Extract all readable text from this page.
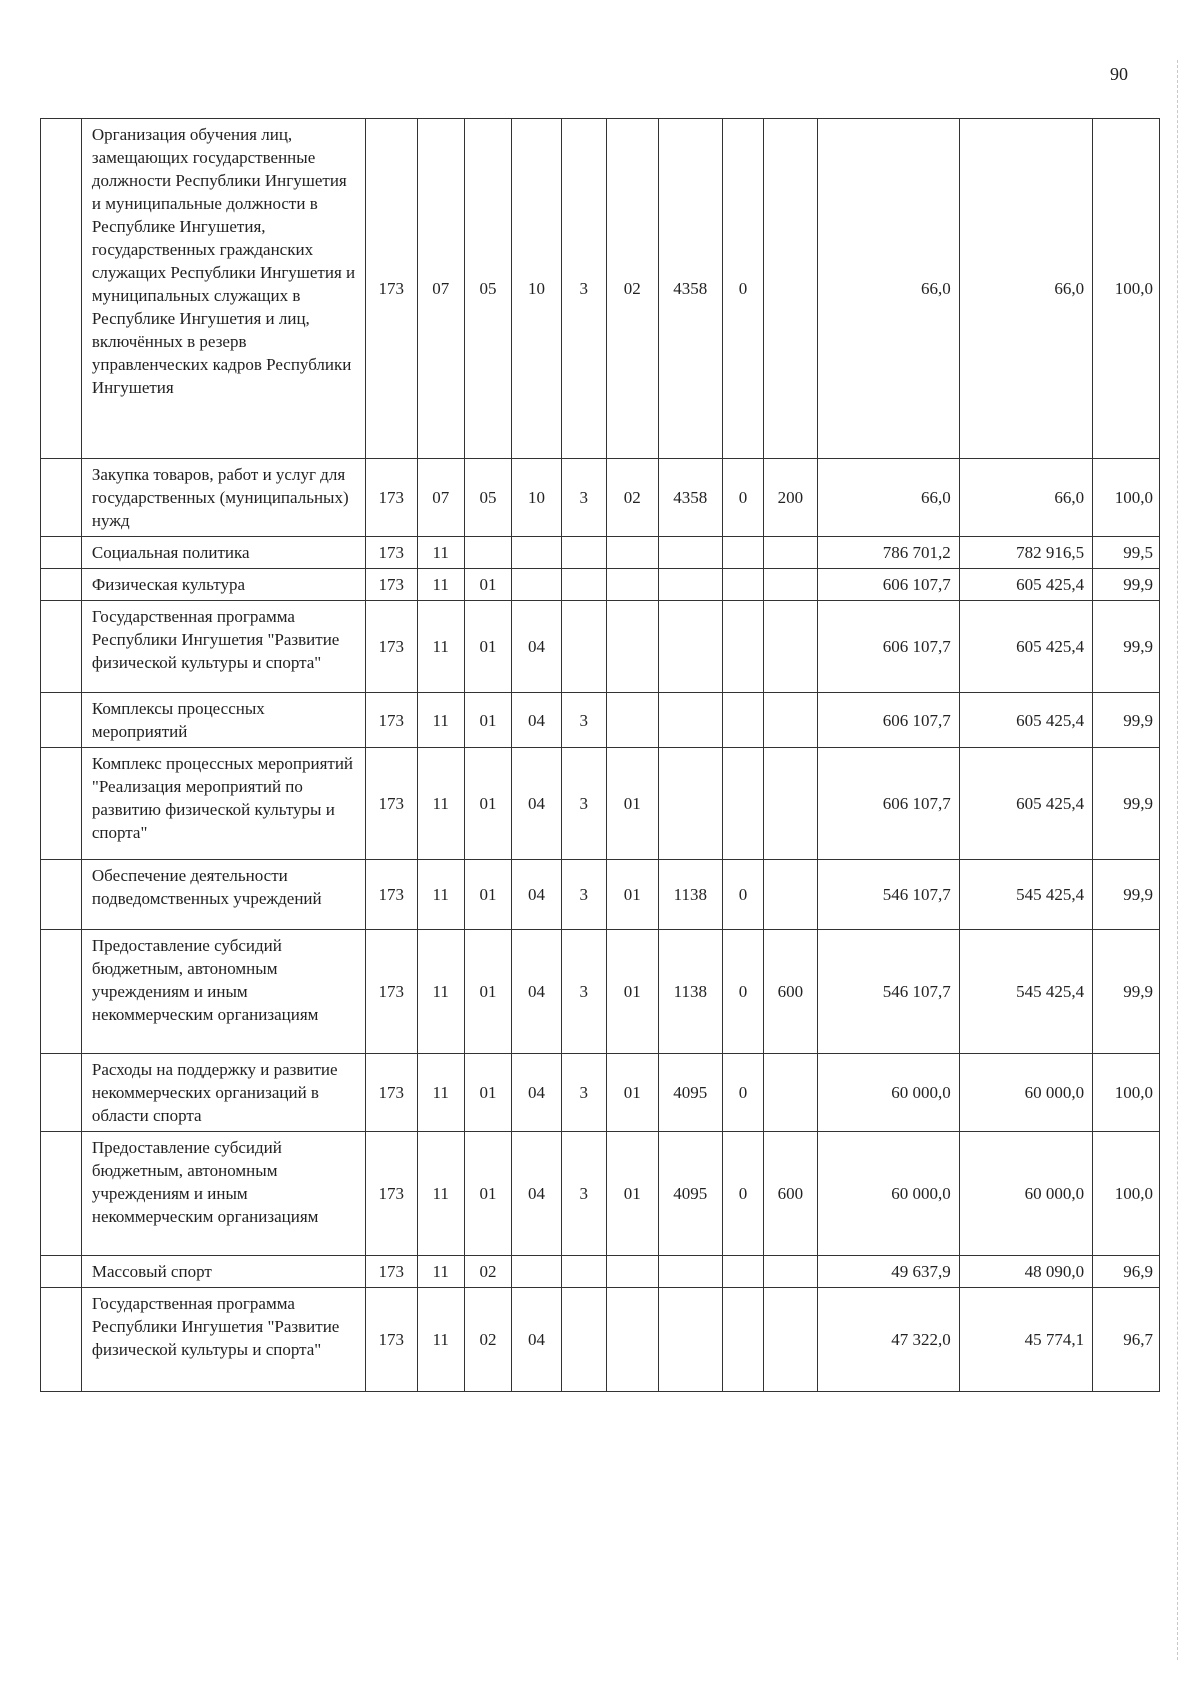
90
	Организация обучения лиц, замещающих государственные должности Республики Ингушетия и муниципальные должности в Республике Ингушетия, государственных гражданских служащих Республики Ингушетия и муниципальных служащих в Республике Ингушетия и лиц, включённых в резерв управленческих кадров Республики Ингушетия	173	07	05	10	3	02	4358	0		66,0	66,0	100,0
	Закупка товаров, работ и услуг для государственных (муниципальных) нужд	173	07	05	10	3	02	4358	0	200	66,0	66,0	100,0
	Социальная политика	173	11								786 701,2	782 916,5	99,5
	Физическая культура	173	11	01							606 107,7	605 425,4	99,9
	Государственная программа Республики Ингушетия "Развитие физической культуры и спорта"	173	11	01	04						606 107,7	605 425,4	99,9
	Комплексы процессных мероприятий	173	11	01	04	3					606 107,7	605 425,4	99,9
	Комплекс процессных мероприятий "Реализация мероприятий по развитию физической культуры и спорта"	173	11	01	04	3	01				606 107,7	605 425,4	99,9
	Обеспечение деятельности подведомственных учреждений	173	11	01	04	3	01	1138	0		546 107,7	545 425,4	99,9
	Предоставление субсидий бюджетным, автономным учреждениям и иным некоммерческим организациям	173	11	01	04	3	01	1138	0	600	546 107,7	545 425,4	99,9
	Расходы на поддержку и развитие некоммерческих организаций в области спорта	173	11	01	04	3	01	4095	0		60 000,0	60 000,0	100,0
	Предоставление субсидий бюджетным, автономным учреждениям и иным некоммерческим организациям	173	11	01	04	3	01	4095	0	600	60 000,0	60 000,0	100,0
	Массовый спорт	173	11	02							49 637,9	48 090,0	96,9
	Государственная программа Республики Ингушетия "Развитие физической культуры и спорта"	173	11	02	04						47 322,0	45 774,1	96,7
